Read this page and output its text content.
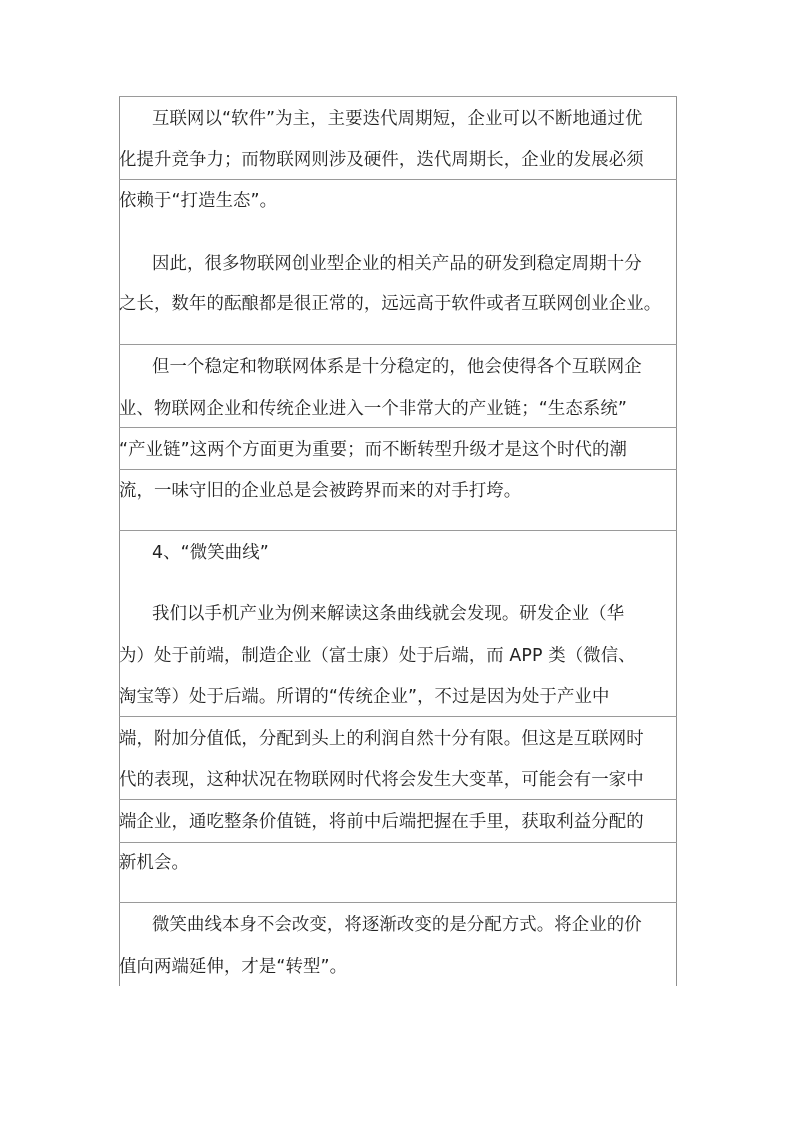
互联网以“软件”为主，主要迭代周期短，企业可以不断地通过优
化提升竞争力；而物联网则涉及硬件，迭代周期长，企业的发展必须
依赖于“打造生态”。
因此，很多物联网创业型企业的相关产品的研发到稳定周期十分
之长，数年的酝酿都是很正常的，远远高于软件或者互联网创业企业。
但一个稳定和物联网体系是十分稳定的，他会使得各个互联网企
业、物联网企业和传统企业进入一个非常大的产业链；“生态系统”
“产业链”这两个方面更为重要；而不断转型升级才是这个时代的潮
流，一味守旧的企业总是会被跨界而来的对手打垮。
4、“微笑曲线”
我们以手机产业为例来解读这条曲线就会发现。研发企业（华
为）处于前端，制造企业（富士康）处于后端，而 APP 类（微信、
淘宝等）处于后端。所谓的“传统企业”，不过是因为处于产业中
端，附加分值低，分配到头上的利润自然十分有限。但这是互联网时
代的表现，这种状况在物联网时代将会发生大变革，可能会有一家中
端企业，通吃整条价值链，将前中后端把握在手里，获取利益分配的
新机会。
微笑曲线本身不会改变，将逐渐改变的是分配方式。将企业的价
值向两端延伸，才是“转型”。
